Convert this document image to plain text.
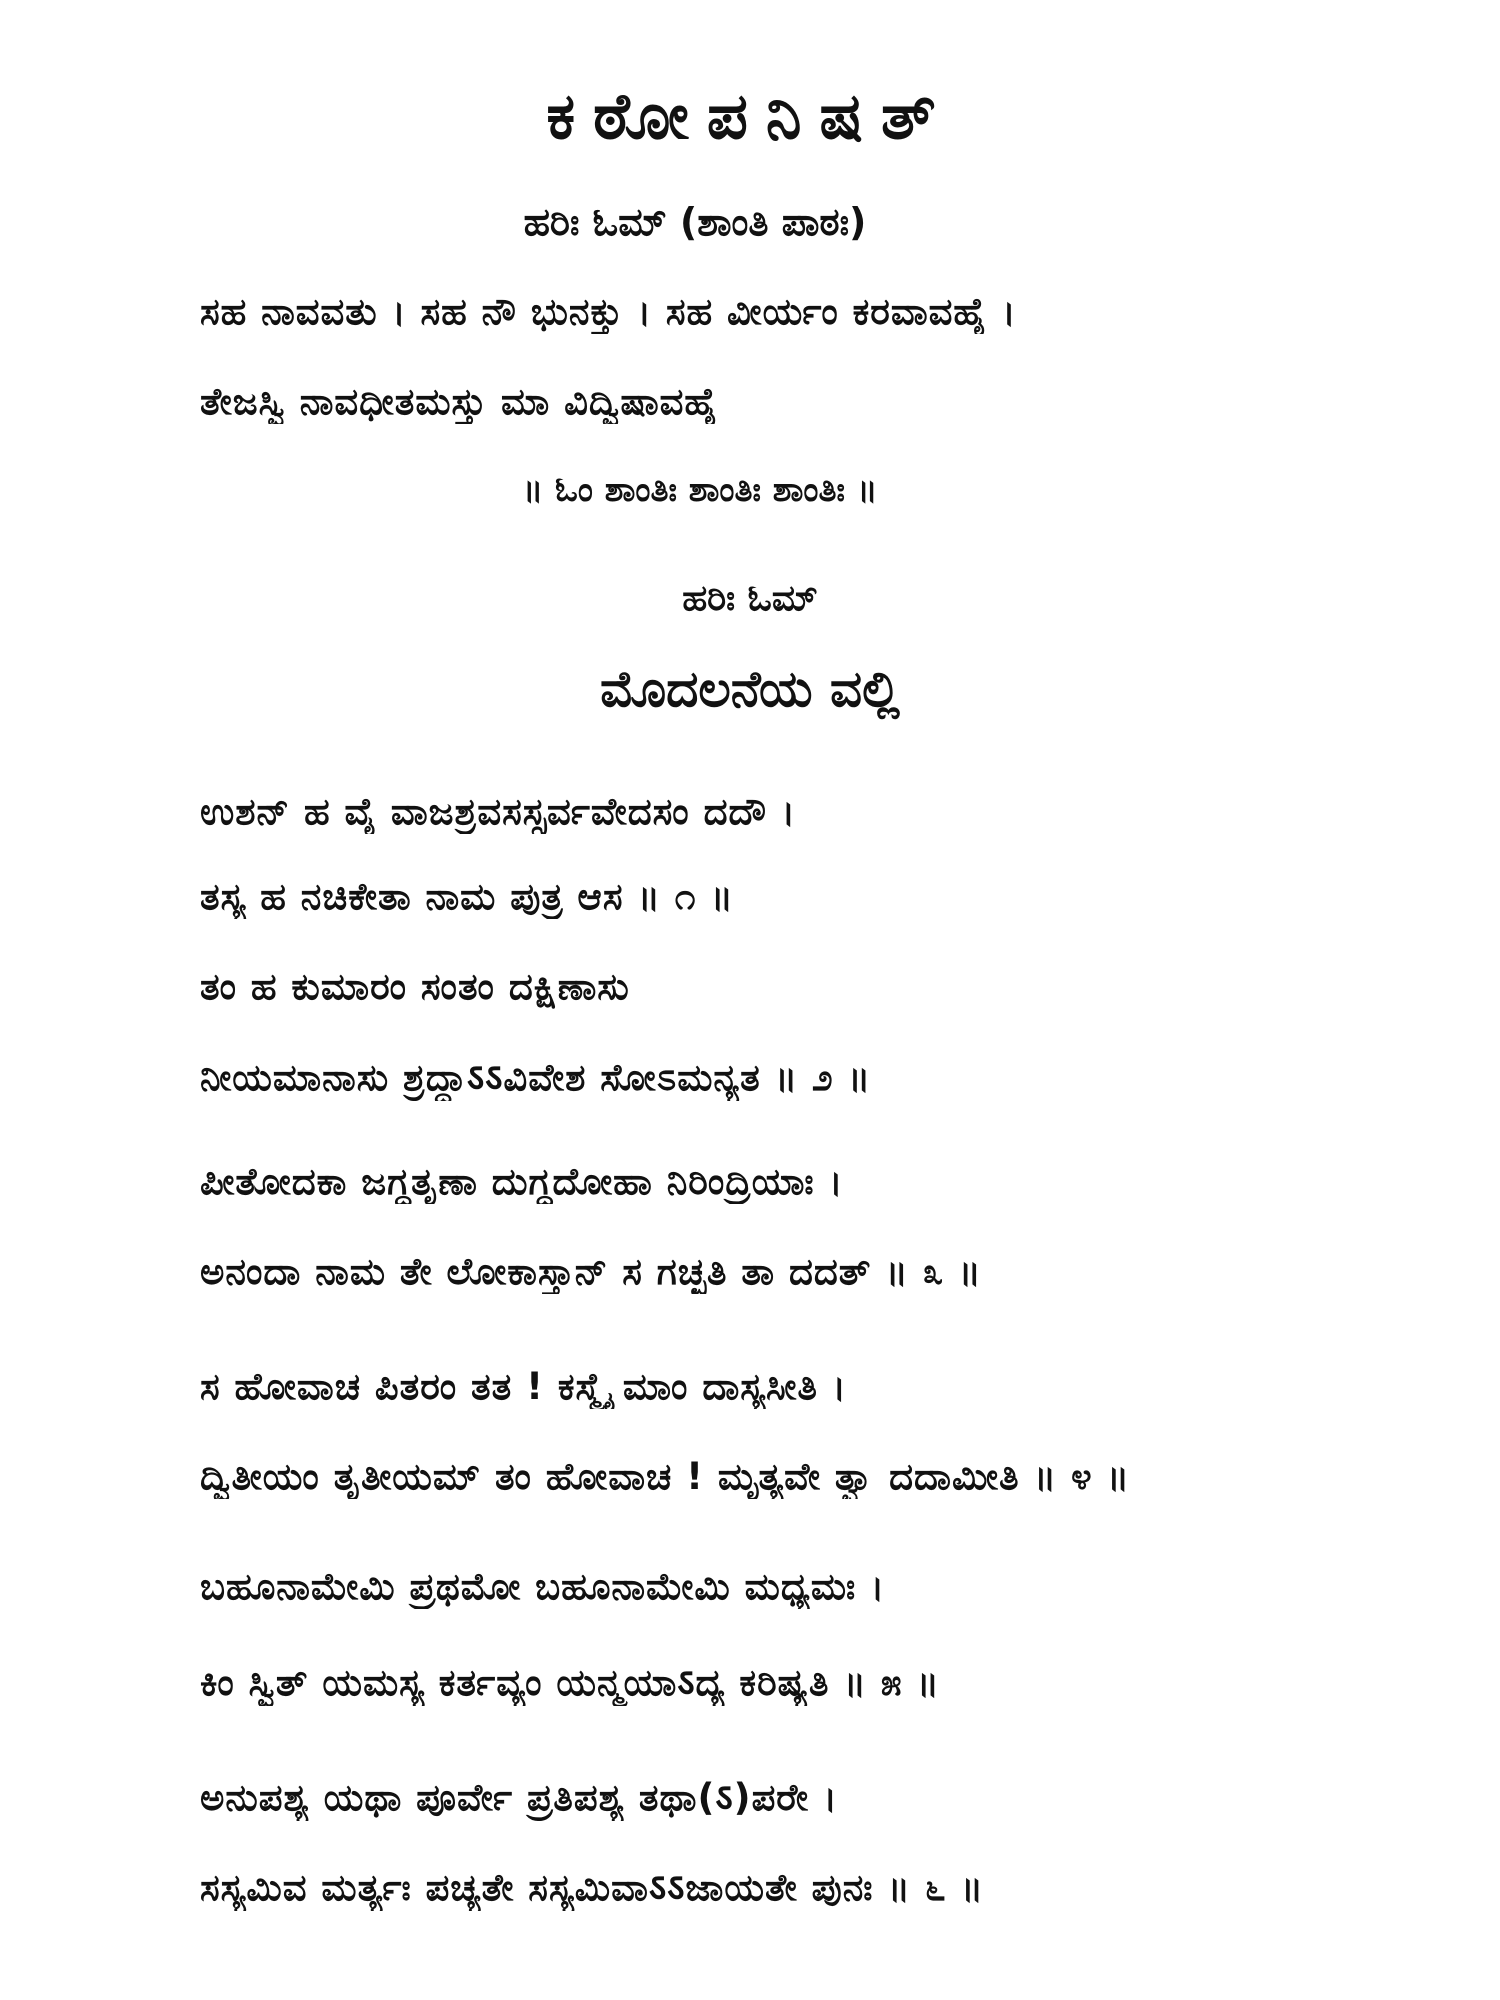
ಕಠೋಪನಿಷತ್
ಹರಿಃ ಓಮ್ (ಶಾಂತಿ ಪಾಠಃ)
ಸಹ ನಾವವತು । ಸಹ ನೌ ಭುನಕ್ತು । ಸಹ ವೀರ್ಯಂ ಕರವಾವಹೈ ।
ತೇಜಸ್ವಿ ನಾವಧೀತಮಸ್ತು ಮಾ ವಿದ್ವಿಷಾವಹೈ
॥ ಓಂ ಶಾಂತಿಃ ಶಾಂತಿಃ ಶಾಂತಿಃ ॥
ಹರಿಃ ಓಮ್
ಮೊದಲನೆಯ ವಲ್ಲಿ
ಉಶನ್ ಹ ವೈ ವಾಜಶ್ರವಸಸ್ಸರ್ವವೇದಸಂ ದದೌ ।
ತಸ್ಯ ಹ ನಚಿಕೇತಾ ನಾಮ ಪುತ್ರ ಆಸ ॥ ೧ ॥
ತಂ ಹ ಕುಮಾರಂ ಸಂತಂ ದಕ್ಷಿಣಾಸು
ನೀಯಮಾನಾಸು ಶ್ರದ್ಧಾऽऽವಿವೇಶ ಸೋಽಮನ್ಯತ ॥ ೨ ॥
ಪೀತೋದಕಾ ಜಗ್ಧತೃಣಾ ದುಗ್ಧದೋಹಾ ನಿರಿಂದ್ರಿಯಾಃ ।
ಅನಂದಾ ನಾಮ ತೇ ಲೋಕಾಸ್ತಾನ್ ಸ ಗಚ್ಛತಿ ತಾ ದದತ್ ॥ ೩ ॥
ಸ ಹೋವಾಚ ಪಿತರಂ ತತ ! ಕಸ್ಮೈ ಮಾಂ ದಾಸ್ಯಸೀತಿ ।
ದ್ವಿತೀಯಂ ತೃತೀಯಮ್ ತಂ ಹೋವಾಚ ! ಮೃತ್ಯವೇ ತ್ವಾ ದದಾಮೀತಿ ॥ ೪ ॥
ಬಹೂನಾಮೇಮಿ ಪ್ರಥಮೋ ಬಹೂನಾಮೇಮಿ ಮಧ್ಯಮಃ ।
ಕಿಂ ಸ್ವಿತ್ ಯಮಸ್ಯ ಕರ್ತವ್ಯಂ ಯನ್ಮಯಾऽದ್ಯ ಕರಿಷ್ಯತಿ ॥ ೫ ॥
ಅನುಪಶ್ಯ ಯಥಾ ಪೂರ್ವೇ ಪ್ರತಿಪಶ್ಯ ತಥಾ(ऽ)ಪರೇ ।
ಸಸ್ಯಮಿವ ಮರ್ತ್ಯಃ ಪಚ್ಯತೇ ಸಸ್ಯಮಿವಾऽऽಜಾಯತೇ ಪುನಃ ॥ ೬ ॥
